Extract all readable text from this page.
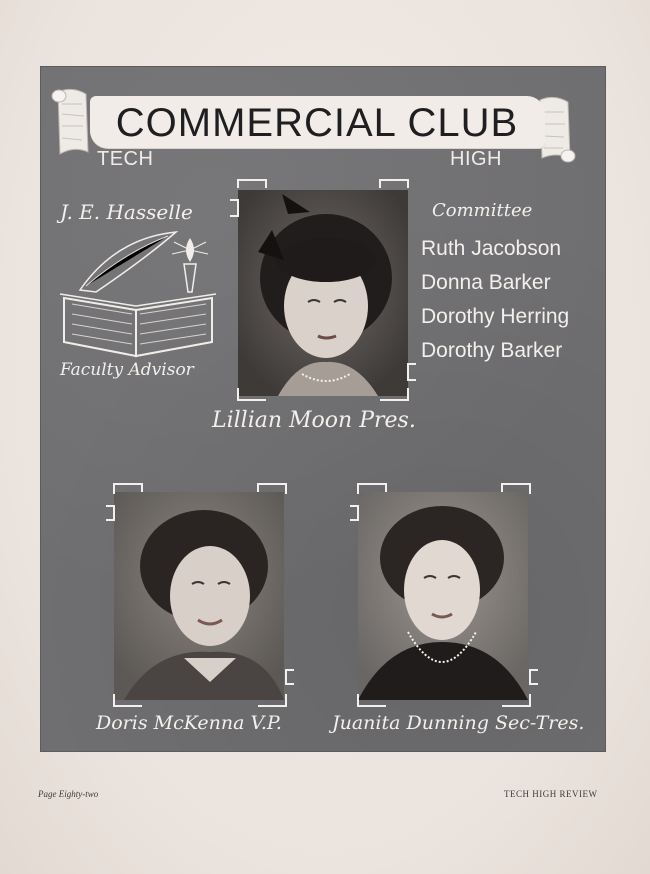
COMMERCIAL CLUB
TECH	HIGH
J. E. Hasselle
Faculty Advisor
Committee
Ruth Jacobson
Donna Barker
Dorothy Herring
Dorothy Barker
Lillian Moon Pres.
Doris McKenna V.P.	Juanita Dunning Sec-Tres.
Page Eighty-two	TECH HIGH REVIEW
